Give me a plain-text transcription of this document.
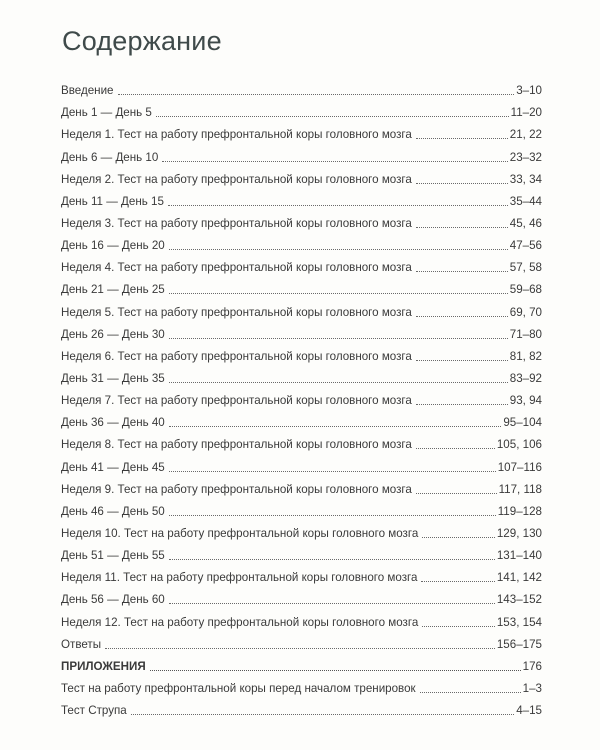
Содержание
Введение	3–10
День 1 — День 5	11–20
Неделя 1. Тест на работу префронтальной коры головного мозга	21, 22
День 6 — День 10	23–32
Неделя 2. Тест на работу префронтальной коры головного мозга	33, 34
День 11 — День 15	35–44
Неделя 3. Тест на работу префронтальной коры головного мозга	45, 46
День 16 — День 20	47–56
Неделя 4. Тест на работу префронтальной коры головного мозга	57, 58
День 21 — День 25	59–68
Неделя 5. Тест на работу префронтальной коры головного мозга	69, 70
День 26 — День 30	71–80
Неделя 6. Тест на работу префронтальной коры головного мозга	81, 82
День 31 — День 35	83–92
Неделя 7. Тест на работу префронтальной коры головного мозга	93, 94
День 36 — День 40	95–104
Неделя 8. Тест на работу префронтальной коры головного мозга	105, 106
День 41 — День 45	107–116
Неделя 9. Тест на работу префронтальной коры головного мозга	117, 118
День 46 — День 50	119–128
Неделя 10. Тест на работу префронтальной коры головного мозга	129, 130
День 51 — День 55	131–140
Неделя 11. Тест на работу префронтальной коры головного мозга	141, 142
День 56 — День 60	143–152
Неделя 12. Тест на работу префронтальной коры головного мозга	153, 154
Ответы	156–175
ПРИЛОЖЕНИЯ	176
Тест на работу префронтальной коры перед началом тренировок	1–3
Тест Струпа	4–15
